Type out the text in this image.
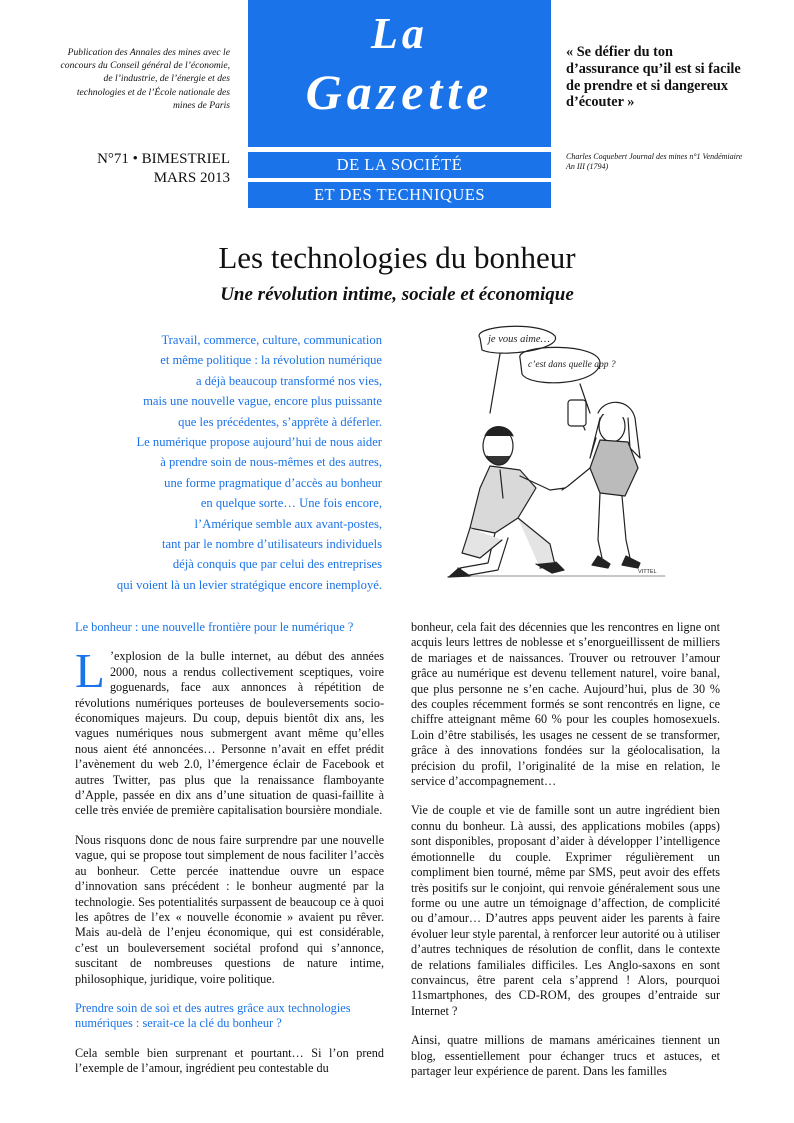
Publication des Annales des mines avec le concours du Conseil général de l’économie, de l’industrie, de l’énergie et des technologies et de l’École nationale des mines de Paris
N°71 • BIMESTRIEL
MARS 2013
La
Gazette
DE LA SOCIÉTÉ
ET DES TECHNIQUES
« Se défier du ton d’assurance qu’il est si facile de prendre et si dangereux d’écouter »
Charles Coquebert Journal des mines n°1 Vendémiaire An III (1794)
Les technologies du bonheur
Une révolution intime, sociale et économique
Travail, commerce, culture, communication
et même politique : la révolution numérique
a déjà beaucoup transformé nos vies,
mais une nouvelle vague, encore plus puissante
que les précédentes, s’apprête à déferler.
Le numérique propose aujourd’hui de nous aider
à prendre soin de nous-mêmes et des autres,
une forme pragmatique d’accès au bonheur
en quelque sorte… Une fois encore,
l’Amérique semble aux avant-postes,
tant par le nombre d’utilisateurs individuels
déjà conquis que par celui des entreprises
qui voient là un levier stratégique encore inemployé.
je vous aime…
c’est dans quelle app ?
VITTEL
Le bonheur : une nouvelle frontière pour le numérique ?

L ’explosion de la bulle internet, au début des années 2000, nous a rendus collectivement sceptiques, voire goguenards, face aux annonces à répétition de révolutions numériques porteuses de bouleversements socio-économiques majeurs. Du coup, depuis bientôt dix ans, les vagues numériques nous submergent avant même qu’elles nous aient été annoncées… Personne n’avait en effet prédit l’avènement du web 2.0, l’émergence éclair de Facebook et autres Twitter, pas plus que la renaissance flamboyante d’Apple, passée en dix ans d’une situation de quasi-faillite à celle très enviée de première capitalisation boursière mondiale.

Nous risquons donc de nous faire surprendre par une nouvelle vague, qui se propose tout simplement de nous faciliter l’accès au bonheur. Cette percée inattendue ouvre un espace d’innovation sans précédent : le bonheur augmenté par la technologie. Ses potentialités surpassent de beaucoup ce à quoi les apôtres de l’ex « nouvelle économie » avaient pu rêver. Mais au-delà de l’enjeu économique, qui est considérable, c’est un bouleversement sociétal profond qui s’annonce, suscitant de nombreuses questions de nature intime, philosophique, juridique, voire politique.

Prendre soin de soi et des autres grâce aux technologies numériques : serait-ce la clé du bonheur ?

Cela semble bien surprenant et pourtant… Si l’on prend l’exemple de l’amour, ingrédient peu contestable du

bonheur, cela fait des décennies que les rencontres en ligne ont acquis leurs lettres de noblesse et s’enorgueillissent de milliers de mariages et de naissances. Trouver ou retrouver l’amour grâce au numérique est devenu tellement naturel, voire banal, que plus personne ne s’en cache. Aujourd’hui, plus de 30 % des couples récemment formés se sont rencontrés en ligne, ce chiffre atteignant même 60 % pour les couples homosexuels. Loin d’être stabilisés, les usages ne cessent de se transformer, grâce à des innovations fondées sur la géolocalisation, la précision du profil, l’originalité de la mise en relation, le service d’accompagnement…

Vie de couple et vie de famille sont un autre ingrédient bien connu du bonheur. Là aussi, des applications mobiles (apps) sont disponibles, proposant d’aider à développer l’intelligence émotionnelle du couple. Exprimer régulièrement un compliment bien tourné, même par SMS, peut avoir des effets très positifs sur le conjoint, qui renvoie généralement sous une forme ou une autre un témoignage d’affection, de complicité ou d’amour… D’autres apps peuvent aider les parents à faire évoluer leur style parental, à renforcer leur autorité ou à utiliser d’autres techniques de résolution de conflit, dans le contexte de relations familiales difficiles. Les Anglo-saxons en sont convaincus, être parent cela s’apprend ! Alors, pourquoi 11smartphones, des CD-ROM, des groupes d’entraide sur Internet ?

Ainsi, quatre millions de mamans américaines tiennent un blog, essentiellement pour échanger trucs et astuces, et partager leur expérience de parent. Dans les familles
